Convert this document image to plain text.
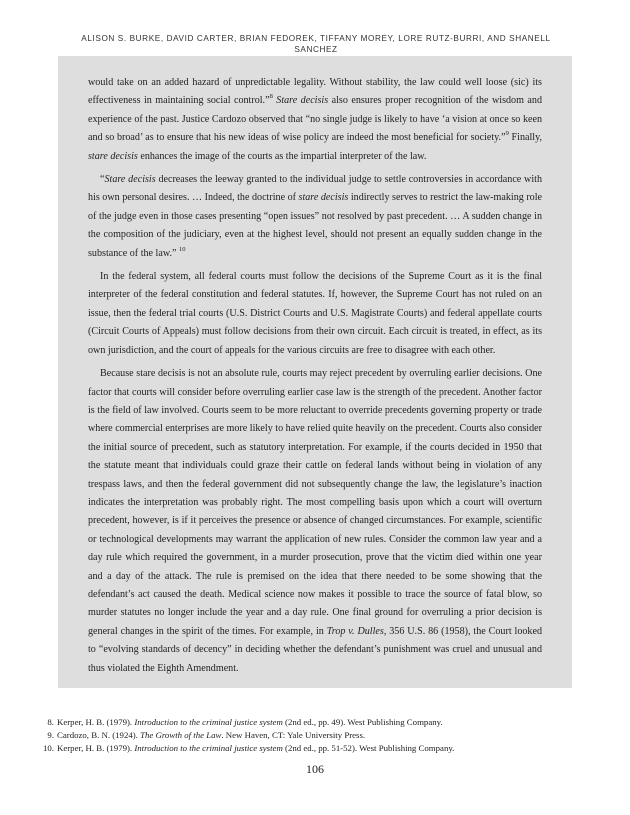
ALISON S. BURKE, DAVID CARTER, BRIAN FEDOREK, TIFFANY MOREY, LORE RUTZ-BURRI, AND SHANELL
SANCHEZ

would take on an added hazard of unpredictable legality. Without stability, the law could well loose (sic) its effectiveness in maintaining social control.”$^8$ Stare decisis also ensures proper recognition of the wisdom and experience of the past. Justice Cardozo observed that “no single judge is likely to have ‘a vision at once so keen and so broad’ as to ensure that his new ideas of wise policy are indeed the most beneficial for society.”$^9$ Finally, stare decisis enhances the image of the courts as the impartial interpreter of the law.

“Stare decisis decreases the leeway granted to the individual judge to settle controversies in accordance with his own personal desires. … Indeed, the doctrine of stare decisis indirectly serves to restrict the law-making role of the judge even in those cases presenting “open issues” not resolved by past precedent. … A sudden change in the composition of the judiciary, even at the highest level, should not present an equally sudden change in the substance of the law.” $^{10}$

In the federal system, all federal courts must follow the decisions of the Supreme Court as it is the final interpreter of the federal constitution and federal statutes. If, however, the Supreme Court has not ruled on an issue, then the federal trial courts (U.S. District Courts and U.S. Magistrate Courts) and federal appellate courts (Circuit Courts of Appeals) must follow decisions from their own circuit. Each circuit is treated, in effect, as its own jurisdiction, and the court of appeals for the various circuits are free to disagree with each other.

Because stare decisis is not an absolute rule, courts may reject precedent by overruling earlier decisions. One factor that courts will consider before overruling earlier case law is the strength of the precedent. Another factor is the field of law involved. Courts seem to be more reluctant to override precedents governing property or trade where commercial enterprises are more likely to have relied quite heavily on the precedent. Courts also consider the initial source of precedent, such as statutory interpretation. For example, if the courts decided in 1950 that the statute meant that individuals could graze their cattle on federal lands without being in violation of any trespass laws, and then the federal government did not subsequently change the law, the legislature’s inaction indicates the interpretation was probably right. The most compelling basis upon which a court will overturn precedent, however, is if it perceives the presence or absence of changed circumstances. For example, scientific or technological developments may warrant the application of new rules. Consider the common law year and a day rule which required the government, in a murder prosecution, prove that the victim died within one year and a day of the attack. The rule is premised on the idea that there needed to be some showing that the defendant’s act caused the death. Medical science now makes it possible to trace the source of fatal blow, so murder statutes no longer include the year and a day rule. One final ground for overruling a prior decision is general changes in the spirit of the times. For example, in Trop v. Dulles, 356 U.S. 86 (1958), the Court looked to “evolving standards of decency” in deciding whether the defendant’s punishment was cruel and unusual and thus violated the Eighth Amendment.

8. Kerper, H. B. (1979). Introduction to the criminal justice system (2nd ed., pp. 49). West Publishing Company.
9. Cardozo, B. N. (1924). The Growth of the Law. New Haven, CT: Yale University Press.
10. Kerper, H. B. (1979). Introduction to the criminal justice system (2nd ed., pp. 51-52). West Publishing Company.
106
